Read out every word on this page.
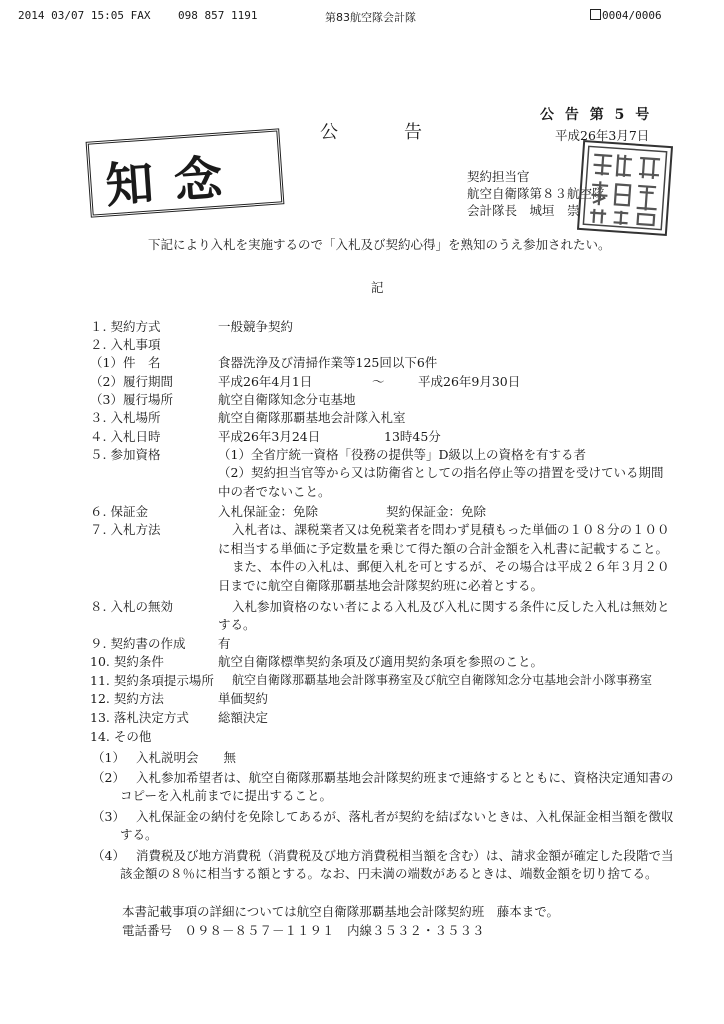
2014 03/07 15:05 FAX	098 857 1191	第83航空隊会計隊	0004/0006
公 告 第 5 号
公　　告	平成26年3月7日
知 念	契約担当官
航空自衛隊第８３航空隊
会計隊長　城垣　崇
下記により入札を実施するので「入札及び契約心得」を熟知のうえ参加されたい。
記
１. 契約方式	一般競争契約
２. 入札事項
（1）件　名	食器洗浄及び清掃作業等125回以下6件
（2）履行期間	平成26年4月1日	〜	平成26年9月30日
（3）履行場所	航空自衛隊知念分屯基地
３. 入札場所	航空自衛隊那覇基地会計隊入札室
４. 入札日時	平成26年3月24日	13時45分
５. 参加資格	（1）全省庁統一資格「役務の提供等」D級以上の資格を有する者
（2）契約担当官等から又は防衛省としての指名停止等の措置を受けている期間
中の者でないこと。
６. 保証金	入札保証金：免除	契約保証金：免除
７. 入札方法	入札者は、課税業者又は免税業者を問わず見積もった単価の１０８分の１００
に相当する単価に予定数量を乗じて得た額の合計金額を入札書に記載すること。
また、本件の入札は、郵便入札を可とするが、その場合は平成２６年３月２０
日までに航空自衛隊那覇基地会計隊契約班に必着とする。
８. 入札の無効	入札参加資格のない者による入札及び入札に関する条件に反した入札は無効と
する。
９. 契約書の作成	有
10. 契約条件	航空自衛隊標準契約条項及び適用契約条項を参照のこと。
11. 契約条項提示場所 航空自衛隊那覇基地会計隊事務室及び航空自衛隊知念分屯基地会計小隊事務室
12. 契約方法	単価契約
13. 落札決定方式 総額決定
14. その他
（1） 入札説明会　　無
（2） 入札参加希望者は、航空自衛隊那覇基地会計隊契約班まで連絡するとともに、資格決定通知書の
コピーを入札前までに提出すること。
（3） 入札保証金の納付を免除してあるが、落札者が契約を結ばないときは、入札保証金相当額を徴収
する。
（4） 消費税及び地方消費税（消費税及び地方消費税相当額を含む）は、請求金額が確定した段階で当
該金額の８％に相当する額とする。なお、円未満の端数があるときは、端数金額を切り捨てる。
本書記載事項の詳細については航空自衛隊那覇基地会計隊契約班　藤本まで。
電話番号　０９８－８５７－１１９１　内線３５３２・３５３３
